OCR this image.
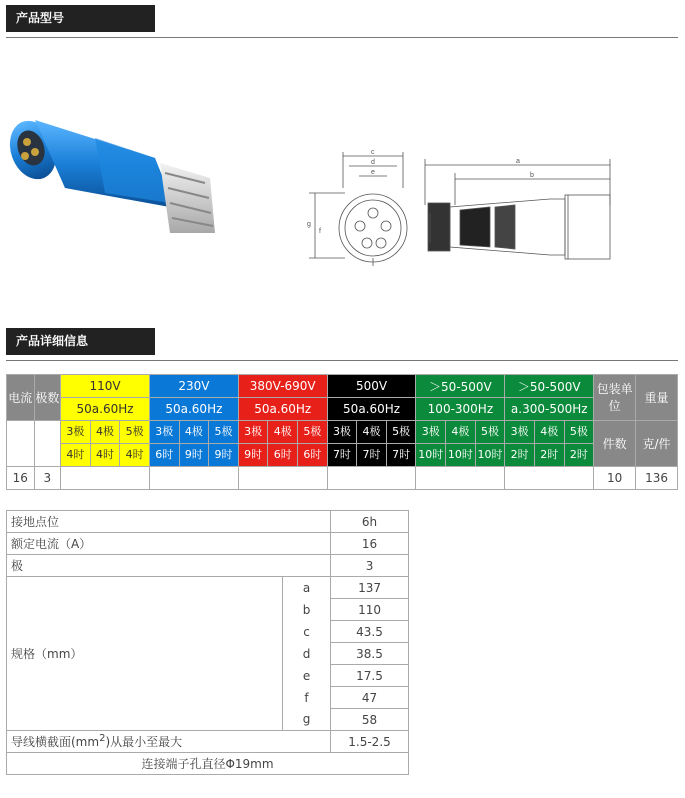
产品型号
c
d
e
g
f
a
b
产品详细信息
电流	极数	110V			230V			380V-690V			500V			＞50-500V			＞50-500V			包装单位	重量
		50a.60Hz			50a.60Hz			50a.60Hz			50a.60Hz			100-300Hz			a.300-500Hz				
		3极	4极	5极	3极	4极	5极	3极	4极	5极	3极	4极	5极	3极	4极	5极	3极	4极	5极	件数	克/件
		4时	4时	4时	6时	9时	9时	9时	6时	6时	7时	7时	7时	10时	10时	10时	2时	2时	2时		
16	3																			10	136
接地点位		6h
额定电流（A）		16
极		3
规格（mm）	a	137
	b	110
	c	43.5
	d	38.5
	e	17.5
	f	47
	g	58
导线横截面$(mm^2)$从最小至最大		1.5-2.5
连接端子孔直径Φ19mm		
